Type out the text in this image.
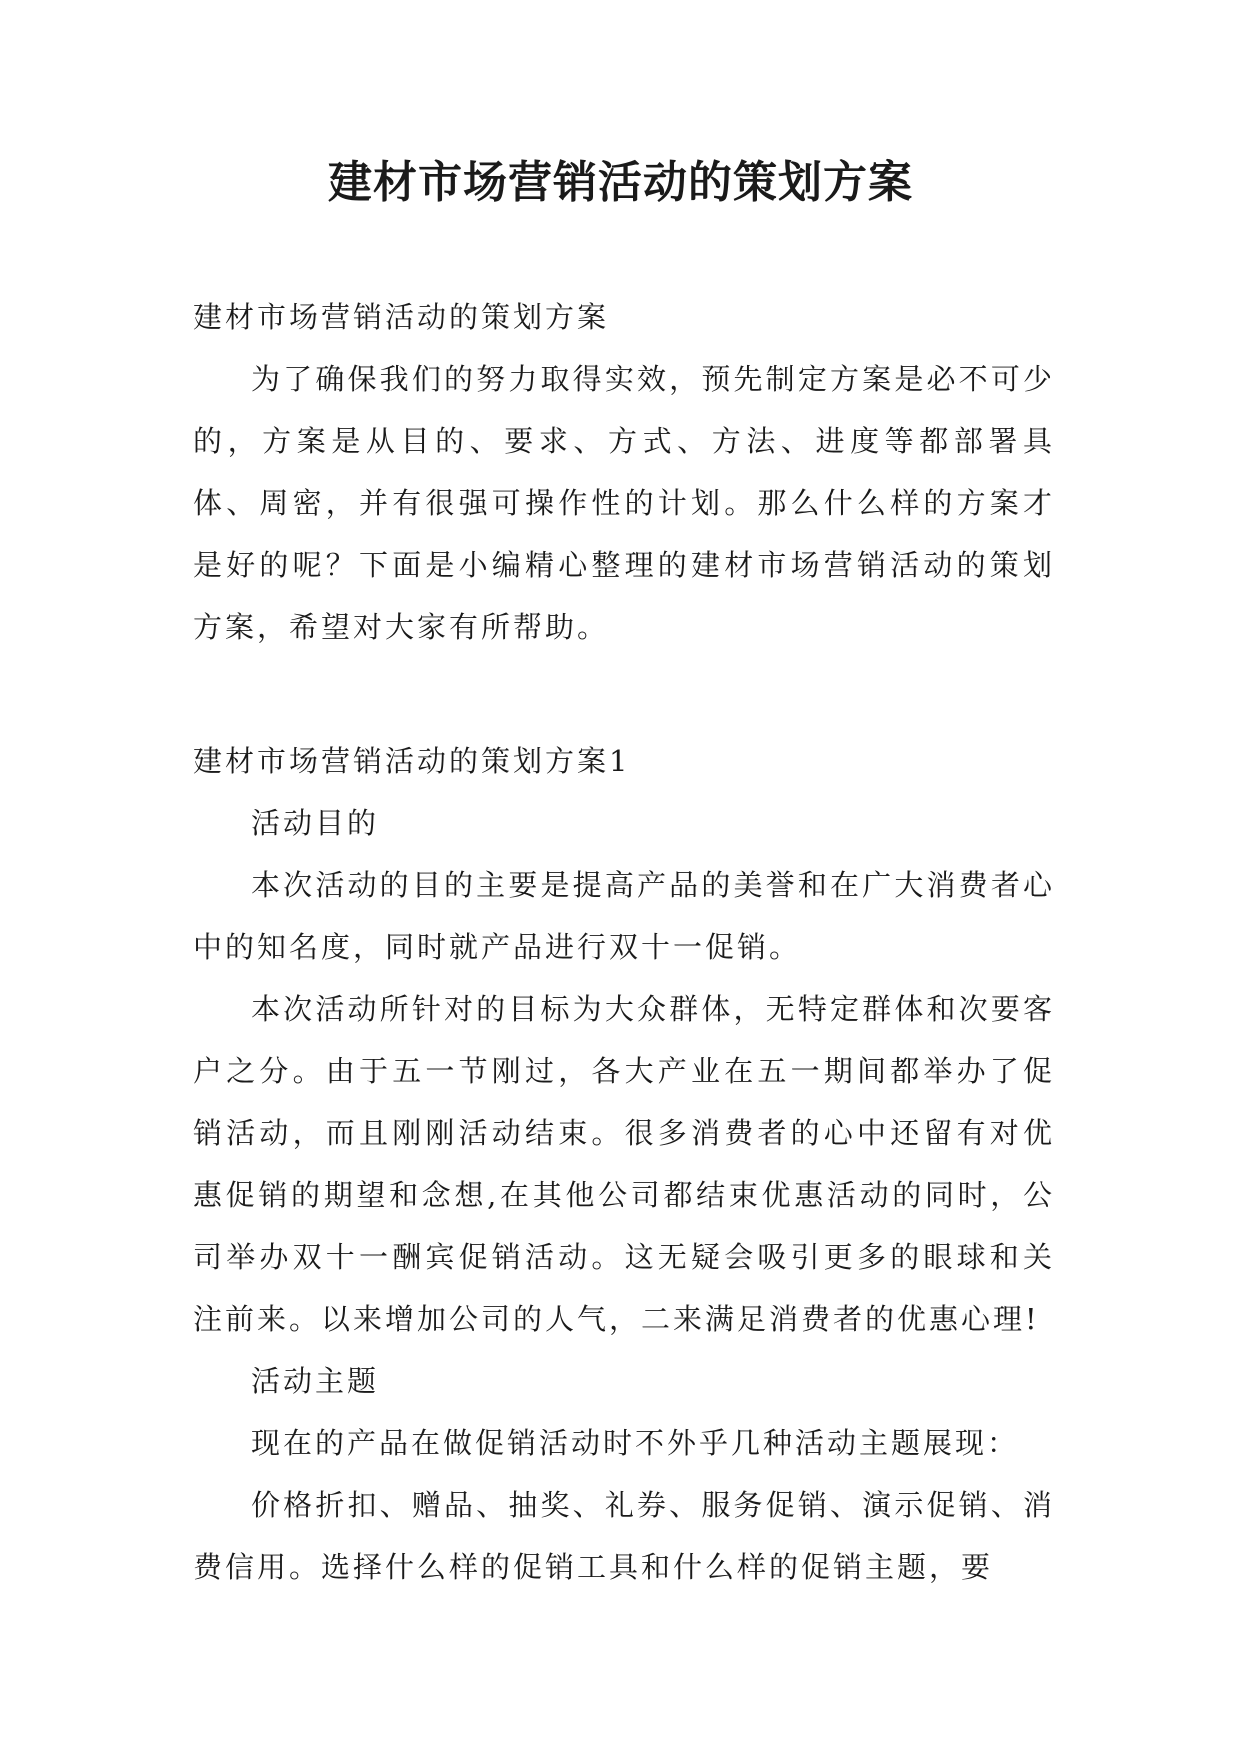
建材市场营销活动的策划方案

建材市场营销活动的策划方案

为了确保我们的努力取得实效，预先制定方案是必不可少的，方案是从目的、要求、方式、方法、进度等都部署具体、周密，并有很强可操作性的计划。那么什么样的方案才是好的呢？下面是小编精心整理的建材市场营销活动的策划方案，希望对大家有所帮助。

建材市场营销活动的策划方案1

活动目的

本次活动的目的主要是提高产品的美誉和在广大消费者心中的知名度，同时就产品进行双十一促销。

本次活动所针对的目标为大众群体，无特定群体和次要客户之分。由于五一节刚过，各大产业在五一期间都举办了促销活动，而且刚刚活动结束。很多消费者的心中还留有对优惠促销的期望和念想,在其他公司都结束优惠活动的同时，公司举办双十一酬宾促销活动。这无疑会吸引更多的眼球和关注前来。以来增加公司的人气，二来满足消费者的优惠心理!

活动主题

现在的产品在做促销活动时不外乎几种活动主题展现：

价格折扣、赠品、抽奖、礼券、服务促销、演示促销、消费信用。选择什么样的促销工具和什么样的促销主题，要
